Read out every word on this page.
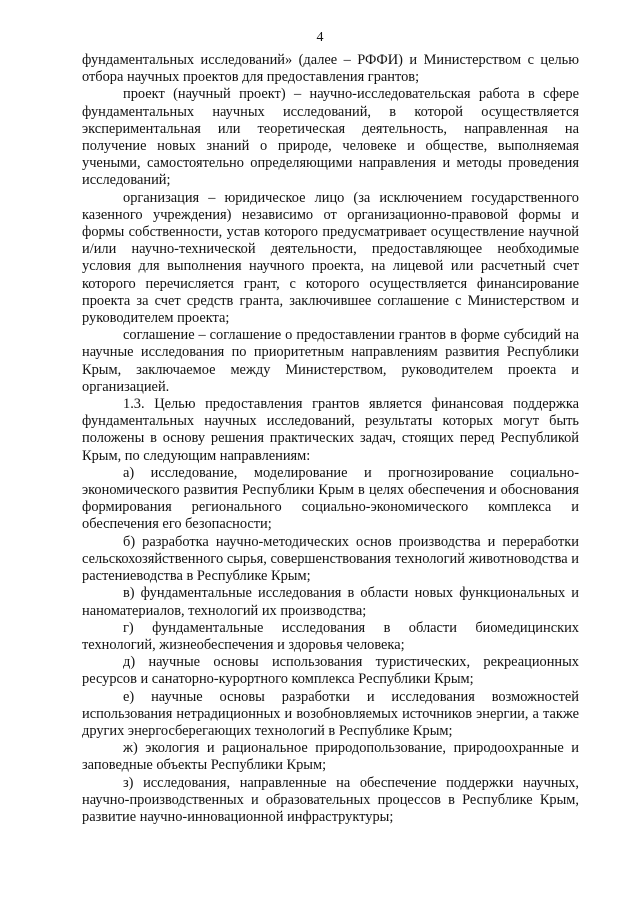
4

фундаментальных исследований» (далее – РФФИ) и Министерством с целью отбора научных проектов для предоставления грантов;

проект (научный проект) – научно-исследовательская работа в сфере фундаментальных научных исследований, в которой осуществляется экспериментальная или теоретическая деятельность, направленная на получение новых знаний о природе, человеке и обществе, выполняемая учеными, самостоятельно определяющими направления и методы проведения исследований;

организация – юридическое лицо (за исключением государственного казенного учреждения) независимо от организационно-правовой формы и формы собственности, устав которого предусматривает осуществление научной и/или научно-технической деятельности, предоставляющее необходимые условия для выполнения научного проекта, на лицевой или расчетный счет которого перечисляется грант, с которого осуществляется финансирование проекта за счет средств гранта, заключившее соглашение с Министерством и руководителем проекта;

соглашение – соглашение о предоставлении грантов в форме субсидий на научные исследования по приоритетным направлениям развития Республики Крым, заключаемое между Министерством, руководителем проекта и организацией.

1.3. Целью предоставления грантов является финансовая поддержка фундаментальных научных исследований, результаты которых могут быть положены в основу решения практических задач, стоящих перед Республикой Крым, по следующим направлениям:

а) исследование, моделирование и прогнозирование социально-экономического развития Республики Крым в целях обеспечения и обоснования формирования регионального социально-экономического комплекса и обеспечения его безопасности;

б) разработка научно-методических основ производства и переработки сельскохозяйственного сырья, совершенствования технологий животноводства и растениеводства в Республике Крым;

в) фундаментальные исследования в области новых функциональных и наноматериалов, технологий их производства;

г) фундаментальные исследования в области биомедицинских технологий, жизнеобеспечения и здоровья человека;

д) научные основы использования туристических, рекреационных ресурсов и санаторно-курортного комплекса Республики Крым;

е) научные основы разработки и исследования возможностей использования нетрадиционных и возобновляемых источников энергии, а также других энергосберегающих технологий в Республике Крым;

ж) экология и рациональное природопользование, природоохранные и заповедные объекты Республики Крым;

з) исследования, направленные на обеспечение поддержки научных, научно-производственных и образовательных процессов в Республике Крым, развитие научно-инновационной инфраструктуры;
